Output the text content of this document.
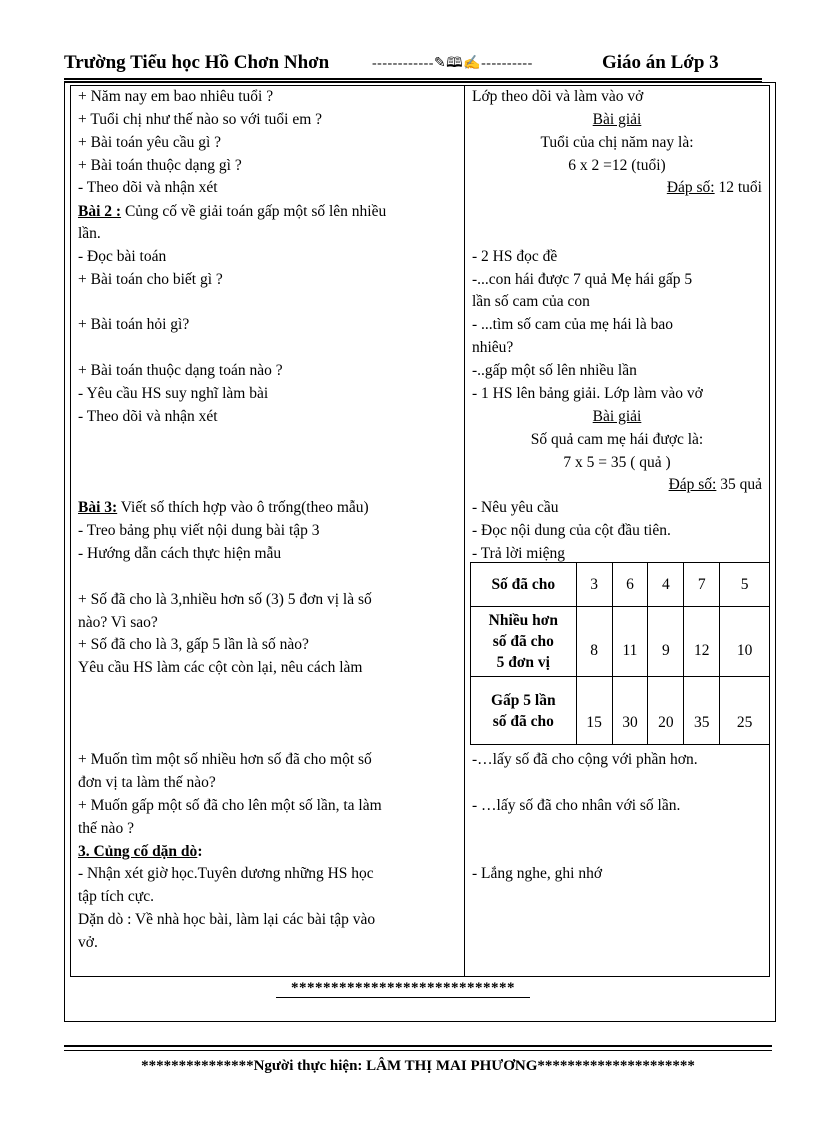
Trường Tiểu học Hồ Chơn Nhơn	------------✎🕮✍----------	Giáo án Lớp 3
+ Năm nay em bao nhiêu tuổi ?
+ Tuổi chị như thế nào so với tuổi em ?
+ Bài toán yêu cầu gì ?
+ Bài toán thuộc dạng gì ?
- Theo dõi và nhận xét
Bài 2 : Củng cố về giải toán gấp một số lên nhiều
lần.
- Đọc bài toán
+ Bài toán cho biết gì ?
+ Bài toán hỏi gì?
+ Bài toán thuộc dạng toán nào ?
- Yêu cầu HS suy nghĩ làm bài
- Theo dõi và nhận xét
Bài 3: Viết số thích hợp vào ô trống(theo mẫu)
- Treo bảng phụ viết nội dung bài tập 3
- Hướng dẫn cách thực hiện mẫu
+ Số đã cho là 3,nhiều hơn số (3) 5 đơn vị là số
nào? Vì sao?
+ Số đã cho là 3, gấp 5 lần là số nào?
Yêu cầu HS làm các cột còn lại, nêu cách làm
+ Muốn tìm một số nhiều hơn số đã cho một số
đơn vị ta làm thế nào?
+ Muốn gấp một số đã cho lên một số lần, ta làm
thế nào ?
3. Củng cố dặn dò:
- Nhận xét giờ học.Tuyên dương những HS học
tập tích cực.
Dặn dò : Về nhà học bài, làm lại các bài tập vào
vở.
Lớp theo dõi và làm vào vở
Bài giải
Tuổi của chị năm nay là:
6 x 2 =12 (tuổi)
Đáp số: 12 tuổi
- 2 HS đọc đề
-...con hái được 7 quả Mẹ hái gấp 5
lần số cam của con
- ...tìm số cam của mẹ hái là bao
nhiêu?
-..gấp một số lên nhiều lần
- 1 HS lên bảng giải. Lớp làm vào vở
Bài giải
Số quả cam mẹ hái được là:
7 x 5 = 35 ( quả )
Đáp số: 35 quả
- Nêu yêu cầu
- Đọc nội dung của cột đầu tiên.
- Trả lời miệng
-…lấy số đã cho cộng với phần hơn.
- …lấy số đã cho nhân với số lần.
- Lắng nghe, ghi nhớ
Số đã cho	3	6	4	7	5

Nhiều hơn
số đã cho
5 đơn vị	8	11	9	12	10

Gấp 5 lần
số đã cho	15	30	20	35	25
****************************
***************Người thực hiện: LÂM THỊ MAI PHƯƠNG*********************
